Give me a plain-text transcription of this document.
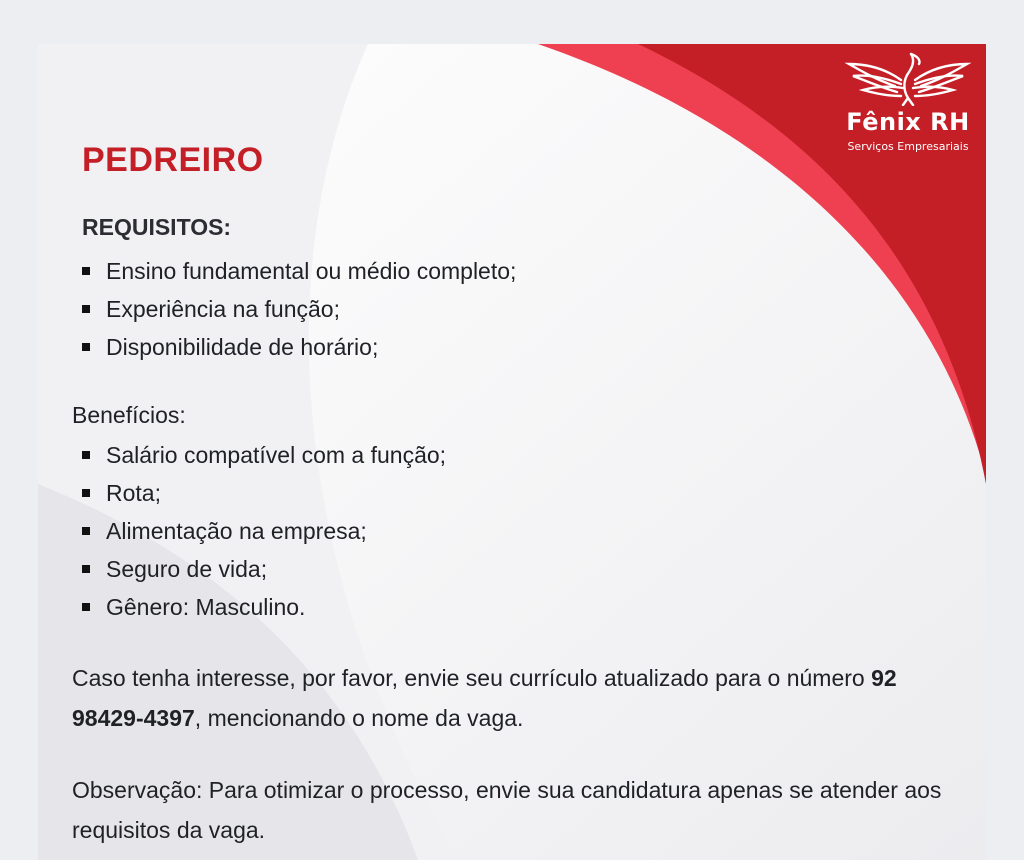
Fênix RH
Serviços Empresariais
PEDREIRO
REQUISITOS:
Ensino fundamental ou médio completo;
Experiência na função;
Disponibilidade de horário;
Benefícios:
Salário compatível com a função;
Rota;
Alimentação na empresa;
Seguro de vida;
Gênero: Masculino.

Caso tenha interesse, por favor, envie seu currículo atualizado para o número 92 98429-4397, mencionando o nome da vaga.

Observação: Para otimizar o processo, envie sua candidatura apenas se atender aos requisitos da vaga.
